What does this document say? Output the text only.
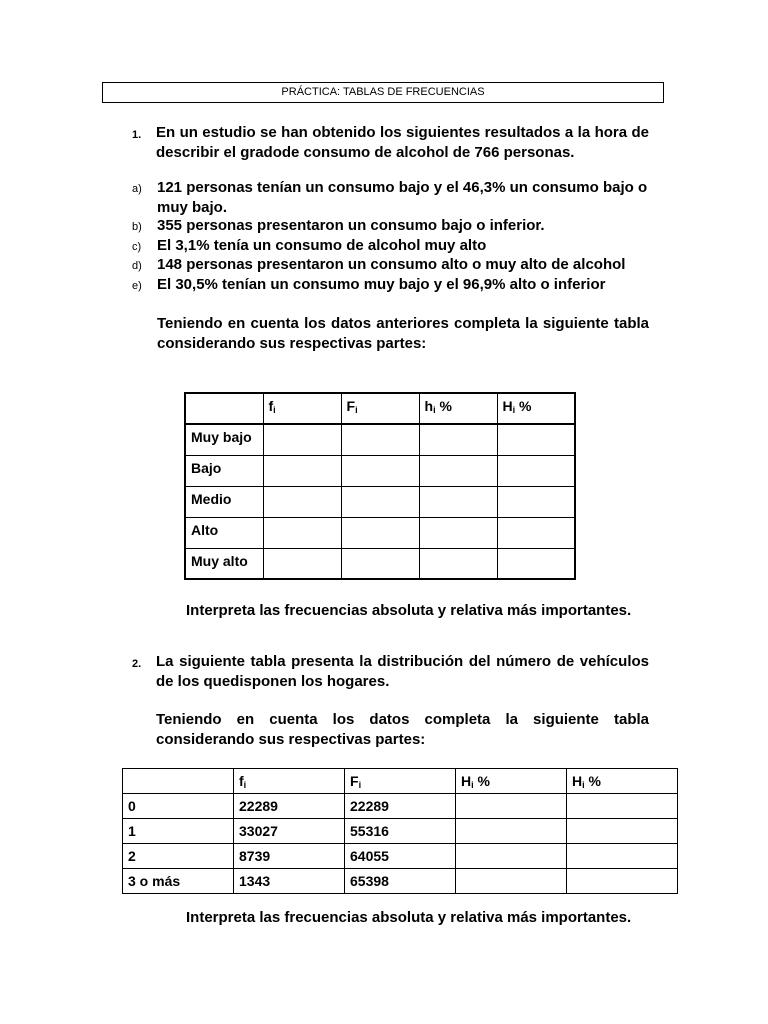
PRÁCTICA: TABLAS DE FRECUENCIAS
1. En un estudio se han obtenido los siguientes resultados a la hora de describir el gradode consumo de alcohol de 766 personas.
a) 121 personas tenían un consumo bajo y el 46,3% un consumo bajo o muy bajo.
b) 355 personas presentaron un consumo bajo o inferior.
c) El 3,1% tenía un consumo de alcohol muy alto
d) 148 personas presentaron un consumo alto o muy alto de alcohol
e) El 30,5% tenían un consumo muy bajo y el 96,9% alto o inferior
Teniendo en cuenta los datos anteriores completa la siguiente tabla considerando sus respectivas partes:
	$f_i$	$F_i$	$h_i$ %	$H_i$ %
Muy bajo				
Bajo				
Medio				
Alto				
Muy alto				
Interpreta las frecuencias absoluta y relativa más importantes.
2. La siguiente tabla presenta la distribución del número de vehículos de los quedisponen los hogares.
Teniendo en cuenta los datos completa la siguiente tabla considerando sus respectivas partes:
	$f_i$	$F_i$	$H_i$ %	$H_i$ %
0	22289	22289		
1	33027	55316		
2	8739	64055		
3 o más	1343	65398		
Interpreta las frecuencias absoluta y relativa más importantes.
